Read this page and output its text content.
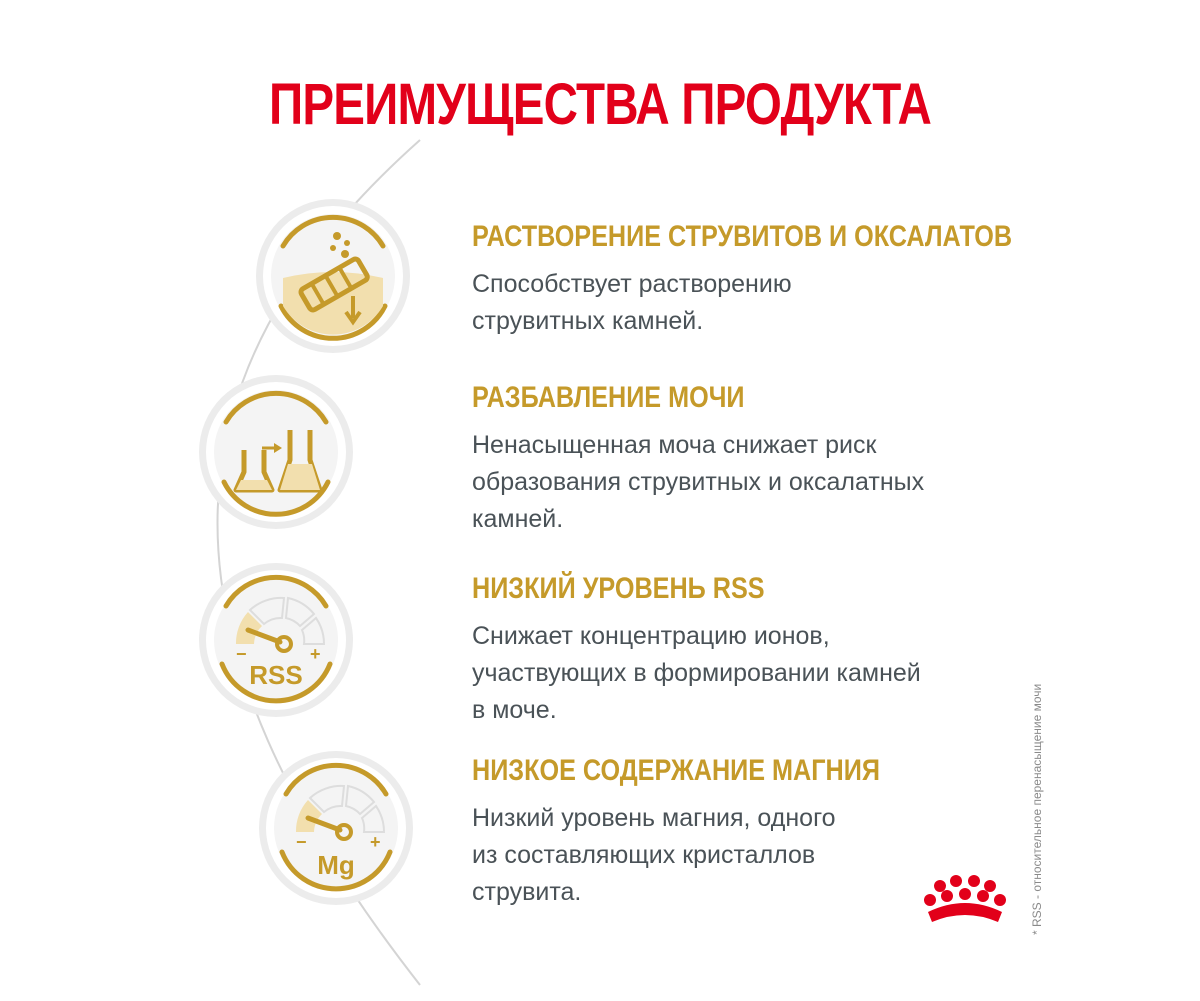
ПРЕИМУЩЕСТВА ПРОДУКТА
−	+
RSS
−	+
Mg
РАСТВОРЕНИЕ СТРУВИТОВ И ОКСАЛАТОВ
Способствует растворению
струвитных камней.
РАЗБАВЛЕНИЕ МОЧИ
Ненасыщенная моча снижает риск
образования струвитных и оксалатных
камней.
НИЗКИЙ УРОВЕНЬ RSS
Снижает концентрацию ионов,
участвующих в формировании камней
в моче.
НИЗКОЕ СОДЕРЖАНИЕ МАГНИЯ
Низкий уровень магния, одного
из составляющих кристаллов
струвита.	* RSS - относительное перенасыщение мочи
